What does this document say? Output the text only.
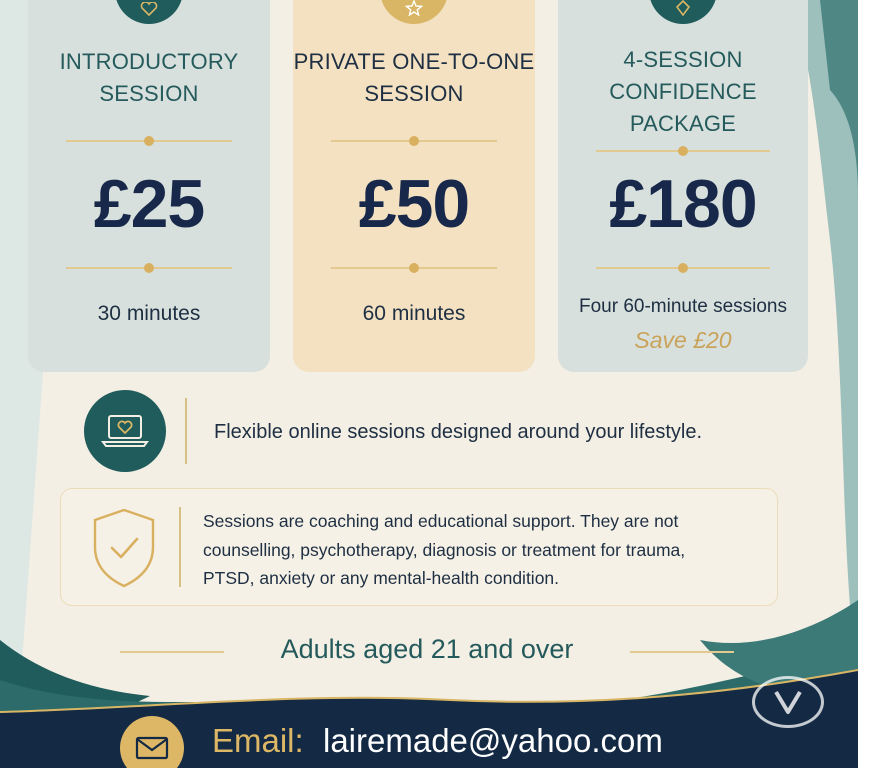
INTRODUCTORY
SESSION
£25
30 minutes
PRIVATE ONE-TO-ONE
SESSION
£50
60 minutes
4-SESSION
CONFIDENCE
PACKAGE
£180
Four 60-minute sessions
Save £20
Flexible online sessions designed around your lifestyle.
Sessions are coaching and educational support. They are not
counselling, psychotherapy, diagnosis or treatment for trauma,
PTSD, anxiety or any mental-health condition.
Adults aged 21 and over
Email: lairemade@yahoo.com
